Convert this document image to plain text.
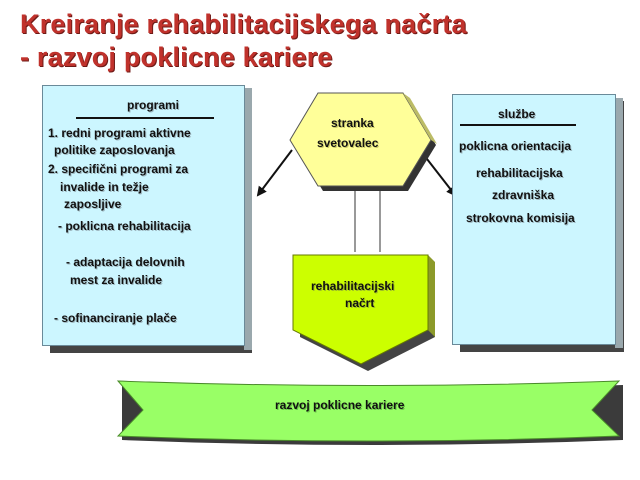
Kreiranje rehabilitacijskega načrta
- razvoj poklicne kariere
programi
1. redni programi aktivne
politike zaposlovanja
2. specifični programi za
invalide in težje
zaposljive
- poklicna rehabilitacija
- adaptacija delovnih
mest za invalide
- sofinanciranje plače
službe
poklicna orientacija
rehabilitacijska
zdravniška
strokovna komisija
stranka
svetovalec
rehabilitacijski
načrt
razvoj poklicne kariere
